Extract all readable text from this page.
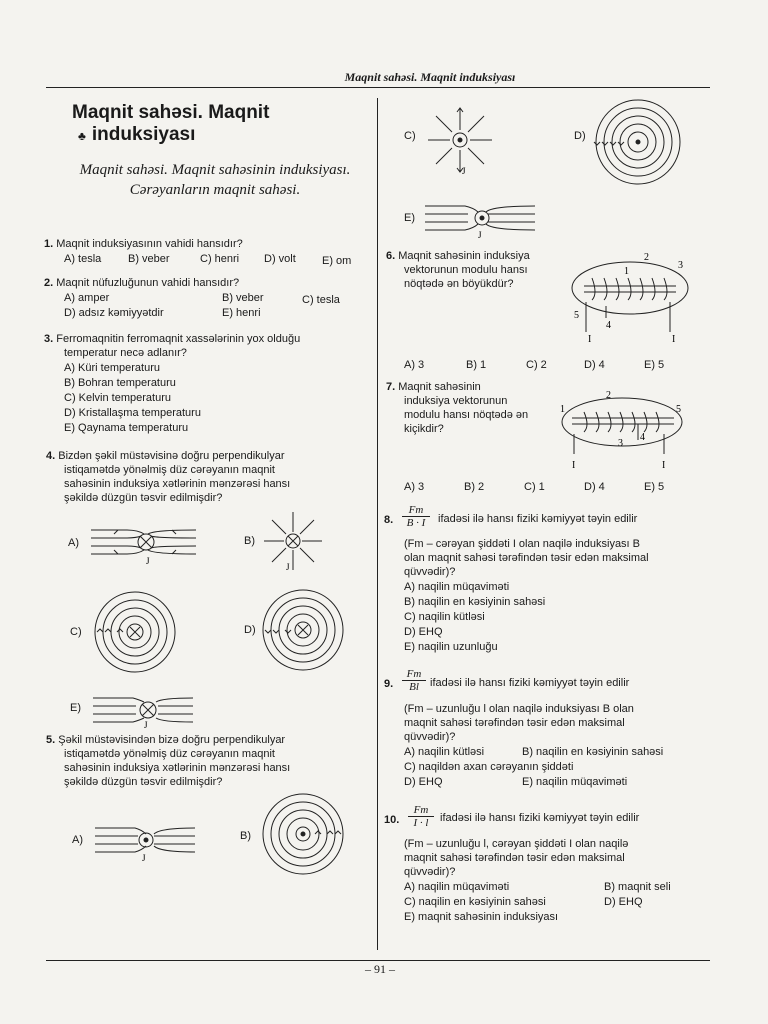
Maqnit sahəsi. Maqnit induksiyası
Maqnit sahəsi. Maqnit
♣ induksiyası
Maqnit sahəsi. Maqnit sahəsinin induksiyası. Cərəyanların maqnit sahəsi.
1. Maqnit induksiyasının vahidi hansıdır?
A) tesla B) veber	C) henri D) volt E) om
2. Maqnit nüfuzluğunun vahidi hansıdır?
A) amper	B) veber	C) tesla
D) adsız kəmiyyətdir	E) henri
3. Ferromaqnitin ferromaqnit xassələrinin yox olduğu
temperatur necə adlanır?
A) Küri temperaturu
B) Bohran temperaturu
C) Kelvin temperaturu
D) Kristallaşma temperaturu
E) Qaynama temperaturu
4. Bizdən şəkil müstəvisinə doğru perpendikulyar
istiqamətdə yönəlmiş düz cərəyanın maqnit
sahəsinin induksiya xətlərinin mənzərəsi hansı
şəkildə düzgün təsvir edilmişdir?
A)
J
B)
J
C)	D)
E)
J
5. Şəkil müstəvisindən bizə doğru perpendikulyar
istiqamətdə yönəlmiş düz cərəyanın maqnit
sahəsinin induksiya xətlərinin mənzərəsi hansı
şəkildə düzgün təsvir edilmişdir?
A)
J
B)
C)
J
D)
E)
J
6. Maqnit sahəsinin induksiya
vektorunun modulu hansı
nöqtədə ən böyükdür?
2
3
1
4
5
I	I
A) 3	B) 1	C) 2	D) 4	E) 5
7. Maqnit sahəsinin
induksiya vektorunun
modulu hansı nöqtədə ən
kiçikdir?
2
1	5
3
4
I	I
A) 3	B) 2	C) 1	D) 4	E) 5
8. $\frac{Fm}{B \cdot I}$ ifadəsi ilə hansı fiziki kəmiyyət təyin edilir
(Fm – cərəyan şiddəti I olan naqilə induksiyası B
olan maqnit sahəsi tərəfindən təsir edən maksimal
qüvvədir)?
A) naqilin müqaviməti
B) naqilin en kəsiyinin sahəsi
C) naqilin kütləsi
D) EHQ
E) naqilin uzunluğu
9. $\frac{Fm}{Bl}$ ifadəsi ilə hansı fiziki kəmiyyət təyin edilir
(Fm – uzunluğu l olan naqilə induksiyası B olan
maqnit sahəsi tərəfindən təsir edən maksimal
qüvvədir)?
A) naqilin kütləsi	B) naqilin en kəsiyinin sahəsi
C) naqildən axan cərəyanın şiddəti
D) EHQ	E) naqilin müqaviməti
10. $\frac{Fm}{I \cdot l}$ ifadəsi ilə hansı fiziki kəmiyyət təyin edilir
(Fm – uzunluğu l, cərəyan şiddəti I olan naqilə
maqnit sahəsi tərəfindən təsir edən maksimal
qüvvədir)?
A) naqilin müqaviməti	B) maqnit seli
C) naqilin en kəsiyinin sahəsi	D) EHQ
E) maqnit sahəsinin induksiyası
– 91 –
